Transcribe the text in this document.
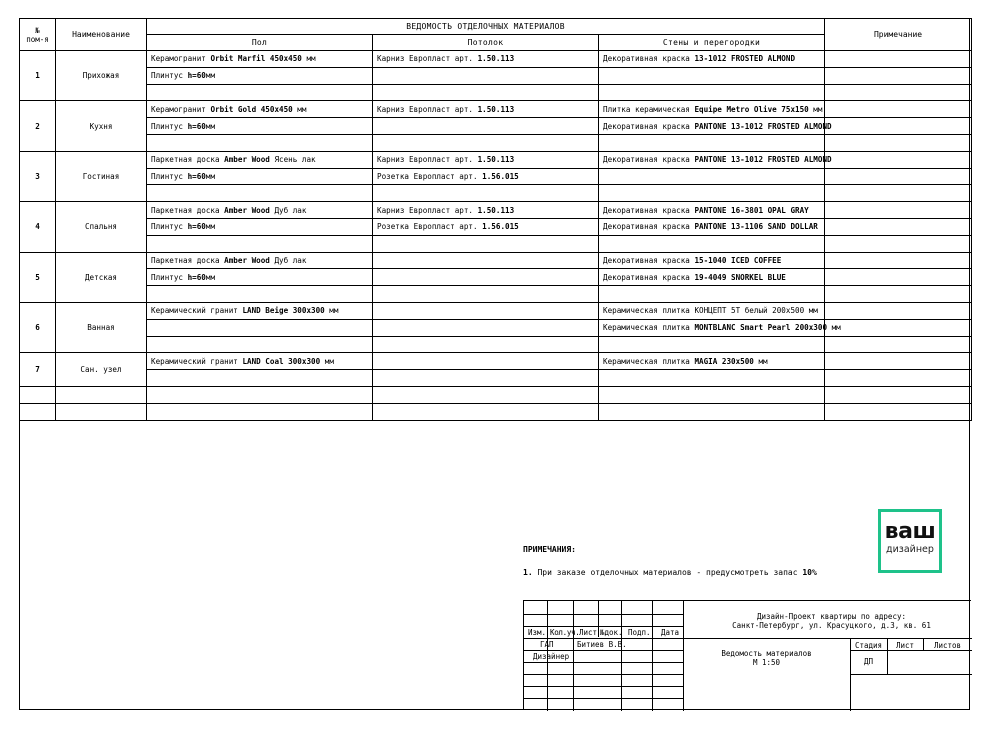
№
пом-я	Наименование	ВЕДОМОСТЬ ОТДЕЛОЧНЫХ МАТЕРИАЛОВ			Примечание
		Пол	Потолок	Стены и перегородки	
1	Прихожая	Керамогранит Orbit Marfil 450x450 мм	Карниз Европласт арт. 1.50.113	Декоративная краска 13-1012 FROSTED ALMOND	
		Плинтус h=60мм			

2	Кухня	Керамогранит Orbit Gold 450x450 мм	Карниз Европласт арт. 1.50.113	Плитка керамическая Equipe Metro Olive 75x150 мм	
		Плинтус h=60мм		Декоративная краска PANTONE 13-1012 FROSTED ALMOND	

3	Гостиная	Паркетная доска Amber Wood Ясень лак	Карниз Европласт арт. 1.50.113	Декоративная краска PANTONE 13-1012 FROSTED ALMOND	
		Плинтус h=60мм	Розетка Европласт арт. 1.56.015		

4	Спальня	Паркетная доска Amber Wood Дуб лак	Карниз Европласт арт. 1.50.113	Декоративная краска PANTONE 16-3801 OPAL GRAY	
		Плинтус h=60мм	Розетка Европласт арт. 1.56.015	Декоративная краска PANTONE 13-1106 SAND DOLLAR	

5	Детская	Паркетная доска Amber Wood Дуб лак		Декоративная краска 15-1040 ICED COFFEE	
		Плинтус h=60мм		Декоративная краска 19-4049 SNORKEL BLUE	

6	Ванная	Керамический гранит LAND Beige 300x300 мм		Керамическая плитка КОНЦЕПТ 5Т белый 200x500 мм	
				Керамическая плитка MONTBLANC Smart Pearl 200x300 мм	

7	Сан. узел	Керамический гранит LAND Coal 300x300 мм		Керамическая плитка MAGIA 230x500 мм	

ПРИМЕЧАНИЯ:
1. При заказе отделочных материалов - предусмотреть запас 10%
ваш
дизайнер
Изм. Кол.уч. Лист №док. Подп. Дата
ГАП	Битиев В.В.
Дизайнер
Дизайн-Проект квартиры по адресу:
Санкт-Петербург, ул. Красуцкого, д.3, кв. 61
Ведомость материалов
М 1:50
Стадия	Лист	Листов
ДП
